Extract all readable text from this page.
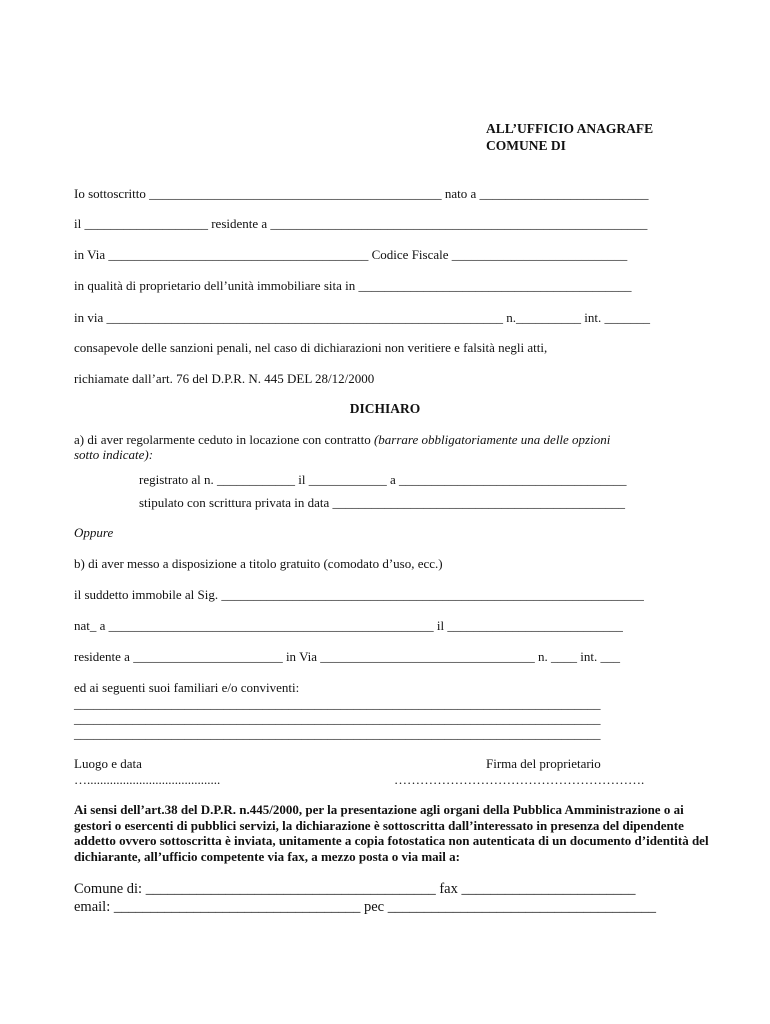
ALL’UFFICIO ANAGRAFE

COMUNE DI

Io sottoscritto _____________________________________________ nato a __________________________

il ___________________ residente a __________________________________________________________

in Via ________________________________________ Codice Fiscale ___________________________

in qualità di proprietario dell’unità immobiliare sita in __________________________________________

in via _____________________________________________________________ n.__________ int. _______

consapevole delle sanzioni penali, nel caso di dichiarazioni non veritiere e falsità negli atti,

richiamate dall’art. 76 del D.P.R. N. 445 DEL 28/12/2000

DICHIARO

a) di aver regolarmente ceduto in locazione con contratto (barrare obbligatoriamente una delle opzioni

sotto indicate):

registrato al n. ____________ il ____________ a ___________________________________

stipulato con scrittura privata in data _____________________________________________

Oppure

b) di aver messo a disposizione a titolo gratuito (comodato d’uso, ecc.)

il suddetto immobile al Sig. _________________________________________________________________

nat_ a __________________________________________________ il ___________________________

residente a _______________________ in Via _________________________________ n. ____ int. ___

ed ai seguenti suoi familiari e/o conviventi:

_________________________________________________________________________________

_________________________________________________________________________________

_________________________________________________________________________________

Luogo e data

….........................................

Firma del proprietario

………………………………………………….

Ai sensi dell’art.38 del D.P.R. n.445/2000, per la presentazione agli organi della Pubblica Amministrazione o ai gestori o esercenti di pubblici servizi, la dichiarazione è sottoscritta dall’interessato in presenza del dipendente addetto ovvero sottoscritta è inviata, unitamente a copia fotostatica non autenticata di un documento d’identità del dichiarante, all’ufficio competente via fax, a mezzo posta o via mail a:

Comune di: ________________________________________ fax ________________________

email: __________________________________ pec _____________________________________
